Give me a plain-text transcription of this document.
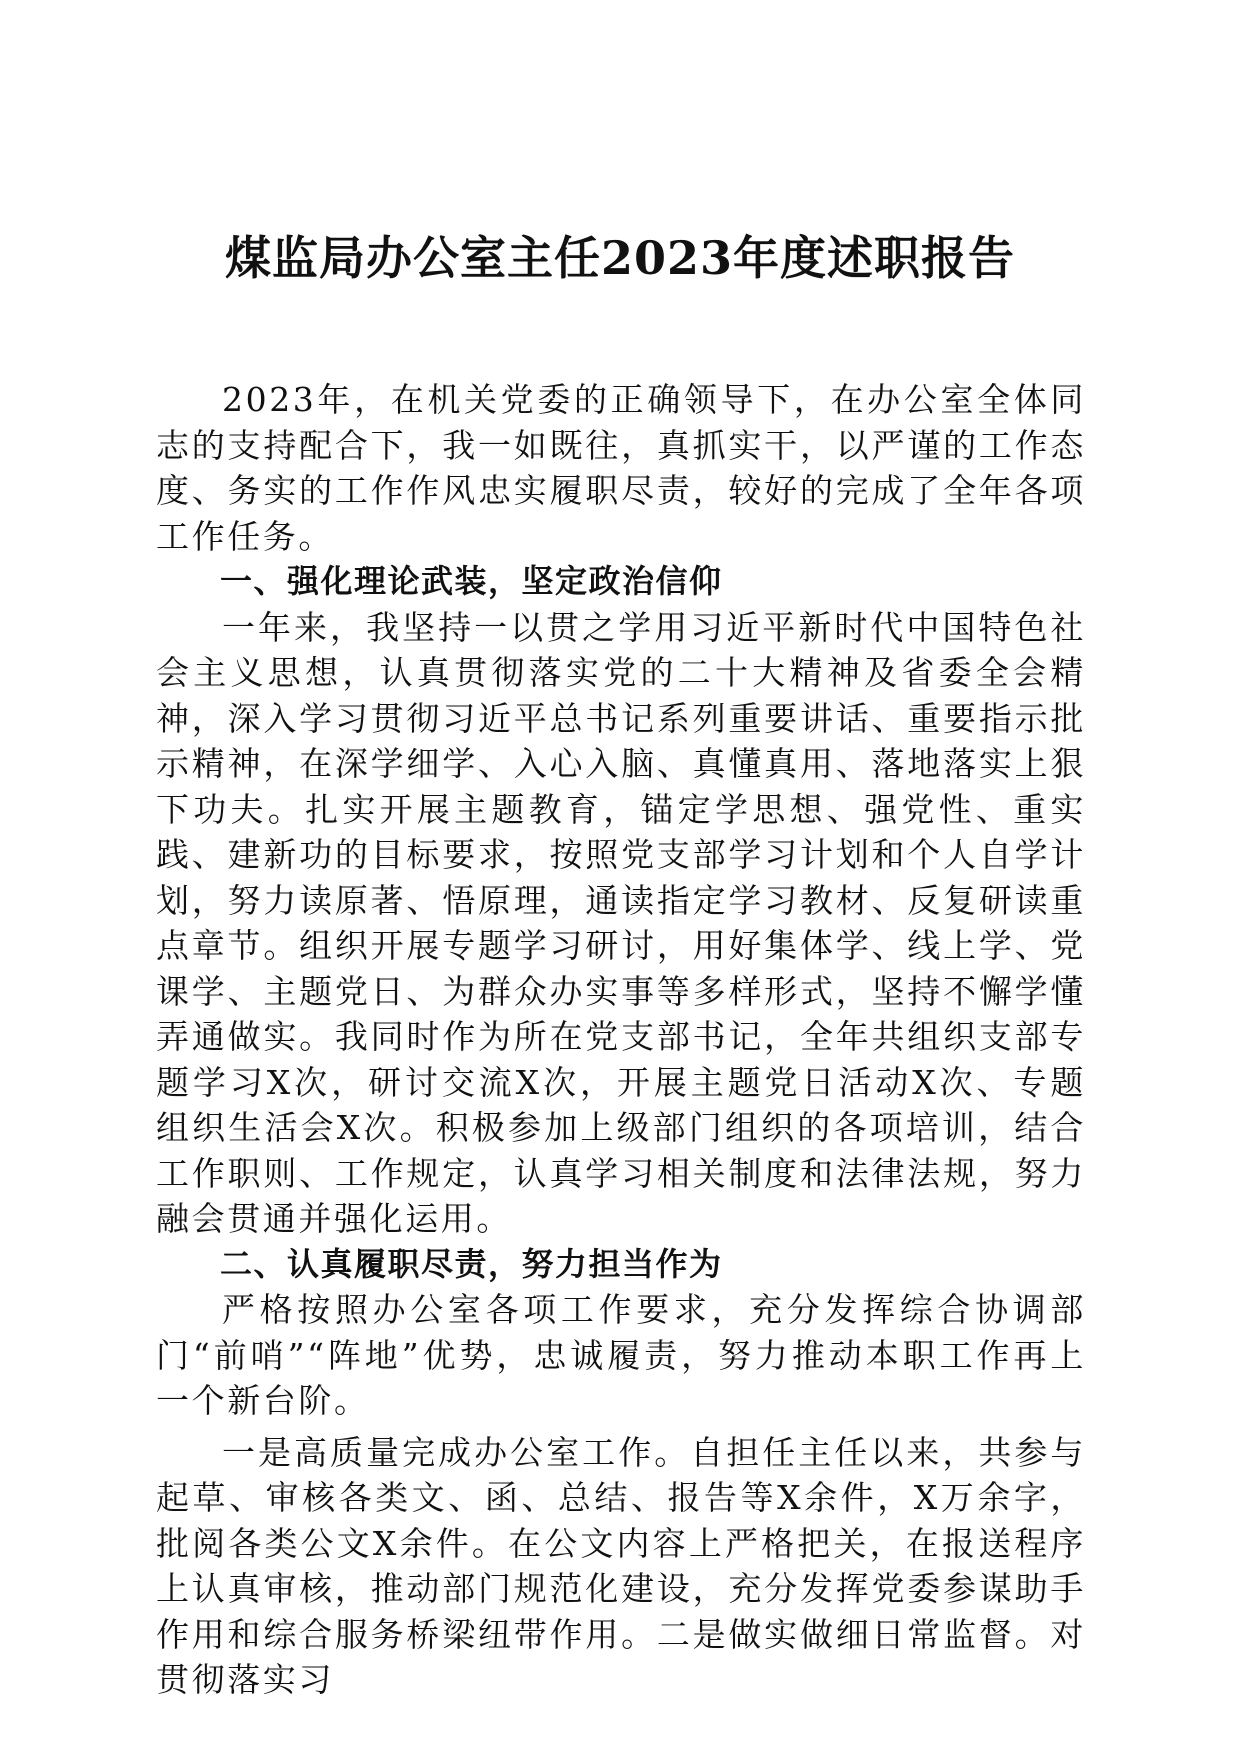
煤监局办公室主任2023年度述职报告

2023年，在机关党委的正确领导下，在办公室全体同志的支持配合下，我一如既往，真抓实干，以严谨的工作态度、务实的工作作风忠实履职尽责，较好的完成了全年各项工作任务。

一、强化理论武装，坚定政治信仰

一年来，我坚持一以贯之学用习近平新时代中国特色社会主义思想，认真贯彻落实党的二十大精神及省委全会精神，深入学习贯彻习近平总书记系列重要讲话、重要指示批示精神，在深学细学、入心入脑、真懂真用、落地落实上狠下功夫。扎实开展主题教育，锚定学思想、强党性、重实践、建新功的目标要求，按照党支部学习计划和个人自学计划，努力读原著、悟原理，通读指定学习教材、反复研读重点章节。组织开展专题学习研讨，用好集体学、线上学、党课学、主题党日、为群众办实事等多样形式，坚持不懈学懂弄通做实。我同时作为所在党支部书记，全年共组织支部专题学习X次，研讨交流X次，开展主题党日活动X次、专题组织生活会X次。积极参加上级部门组织的各项培训，结合工作职则、工作规定，认真学习相关制度和法律法规，努力融会贯通并强化运用。

二、认真履职尽责，努力担当作为

严格按照办公室各项工作要求，充分发挥综合协调部门“前哨”“阵地”优势，忠诚履责，努力推动本职工作再上一个新台阶。

一是高质量完成办公室工作。自担任主任以来，共参与起草、审核各类文、函、总结、报告等X余件，X万余字，批阅各类公文X余件。在公文内容上严格把关，在报送程序上认真审核，推动部门规范化建设，充分发挥党委参谋助手作用和综合服务桥梁纽带作用。二是做实做细日常监督。对贯彻落实习
